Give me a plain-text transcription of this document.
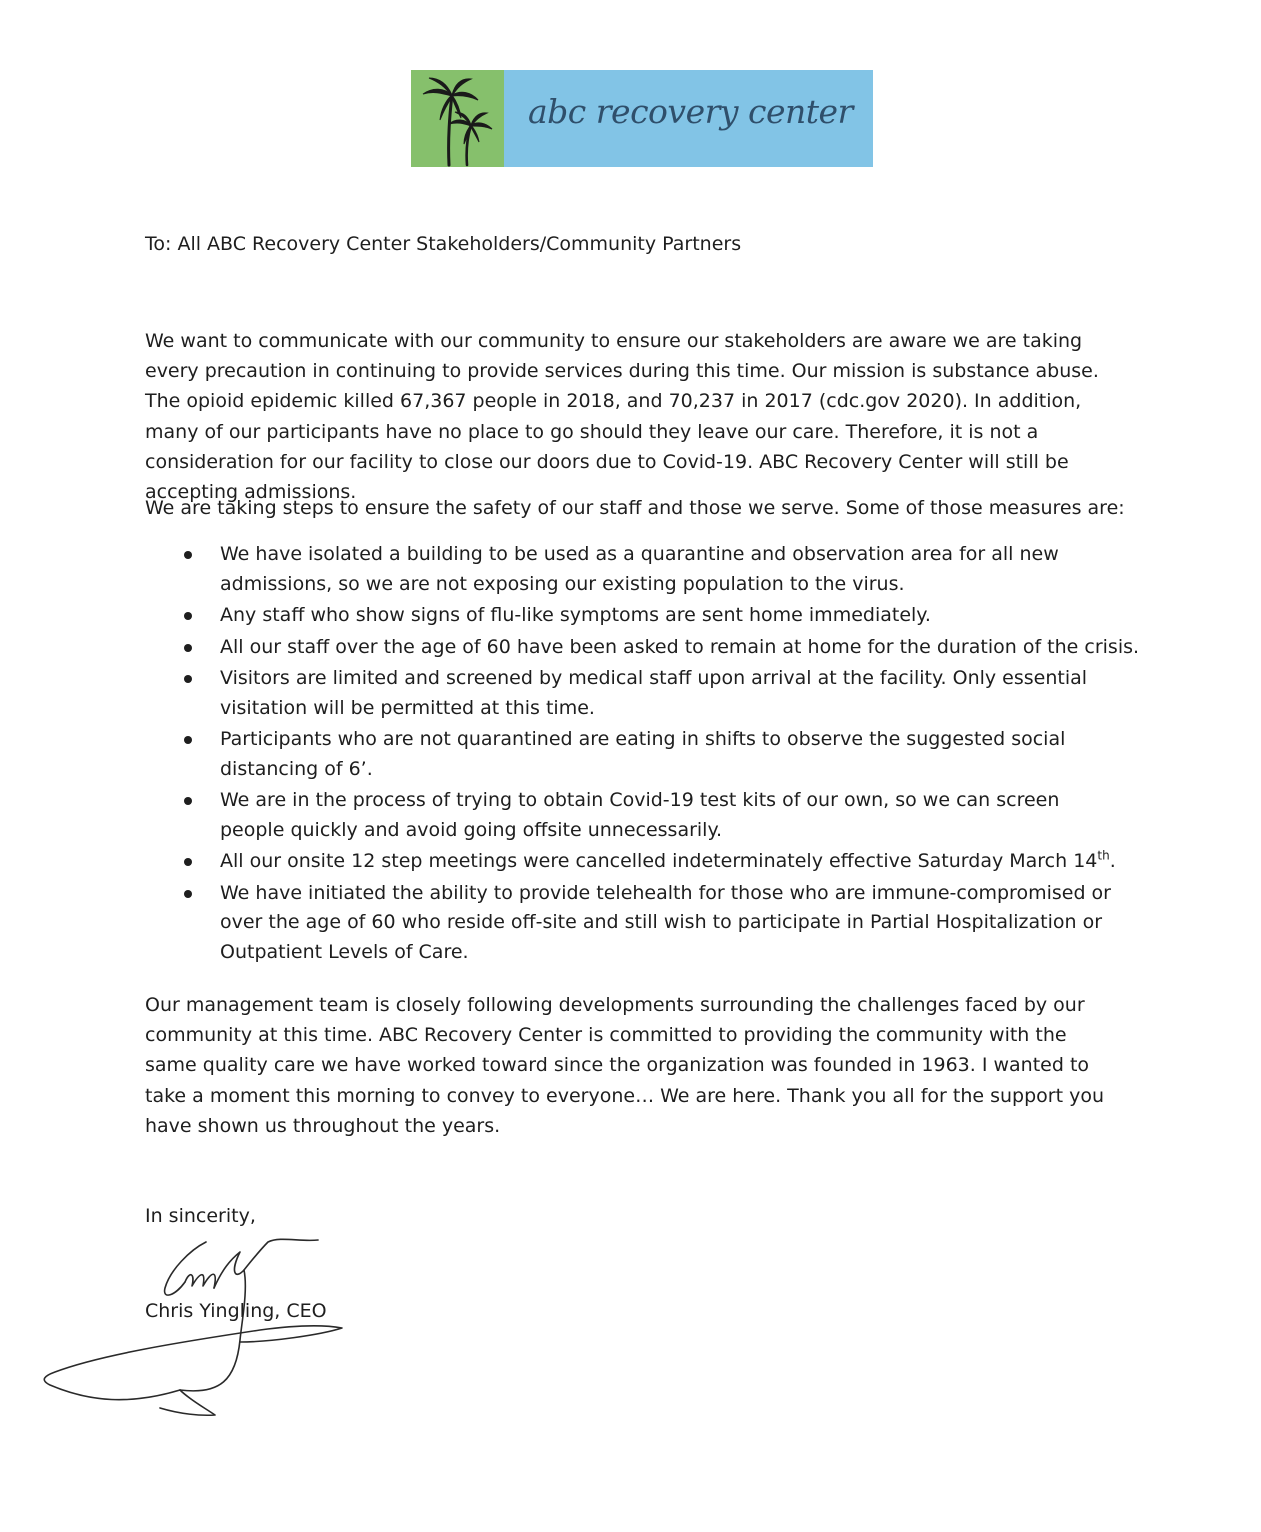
abc recovery center
To: All ABC Recovery Center Stakeholders/Community Partners

We want to communicate with our community to ensure our stakeholders are aware we are taking every precaution in continuing to provide services during this time. Our mission is substance abuse. The opioid epidemic killed 67,367 people in 2018, and 70,237 in 2017 (cdc.gov 2020). In addition, many of our participants have no place to go should they leave our care. Therefore, it is not a consideration for our facility to close our doors due to Covid-19. ABC Recovery Center will still be accepting admissions.

We are taking steps to ensure the safety of our staff and those we serve. Some of those measures are:

We have isolated a building to be used as a quarantine and observation area for all new admissions, so we are not exposing our existing population to the virus.
Any staff who show signs of flu-like symptoms are sent home immediately.
All our staff over the age of 60 have been asked to remain at home for the duration of the crisis.
Visitors are limited and screened by medical staff upon arrival at the facility. Only essential visitation will be permitted at this time.
Participants who are not quarantined are eating in shifts to observe the suggested social distancing of 6’.
We are in the process of trying to obtain Covid-19 test kits of our own, so we can screen people quickly and avoid going offsite unnecessarily.
All our onsite 12 step meetings were cancelled indeterminately effective Saturday March 14th.
We have initiated the ability to provide telehealth for those who are immune-compromised or over the age of 60 who reside off-site and still wish to participate in Partial Hospitalization or Outpatient Levels of Care.

Our management team is closely following developments surrounding the challenges faced by our community at this time. ABC Recovery Center is committed to providing the community with the same quality care we have worked toward since the organization was founded in 1963. I wanted to take a moment this morning to convey to everyone… We are here. Thank you all for the support you have shown us throughout the years.

In sincerity,
Chris Yingling, CEO
